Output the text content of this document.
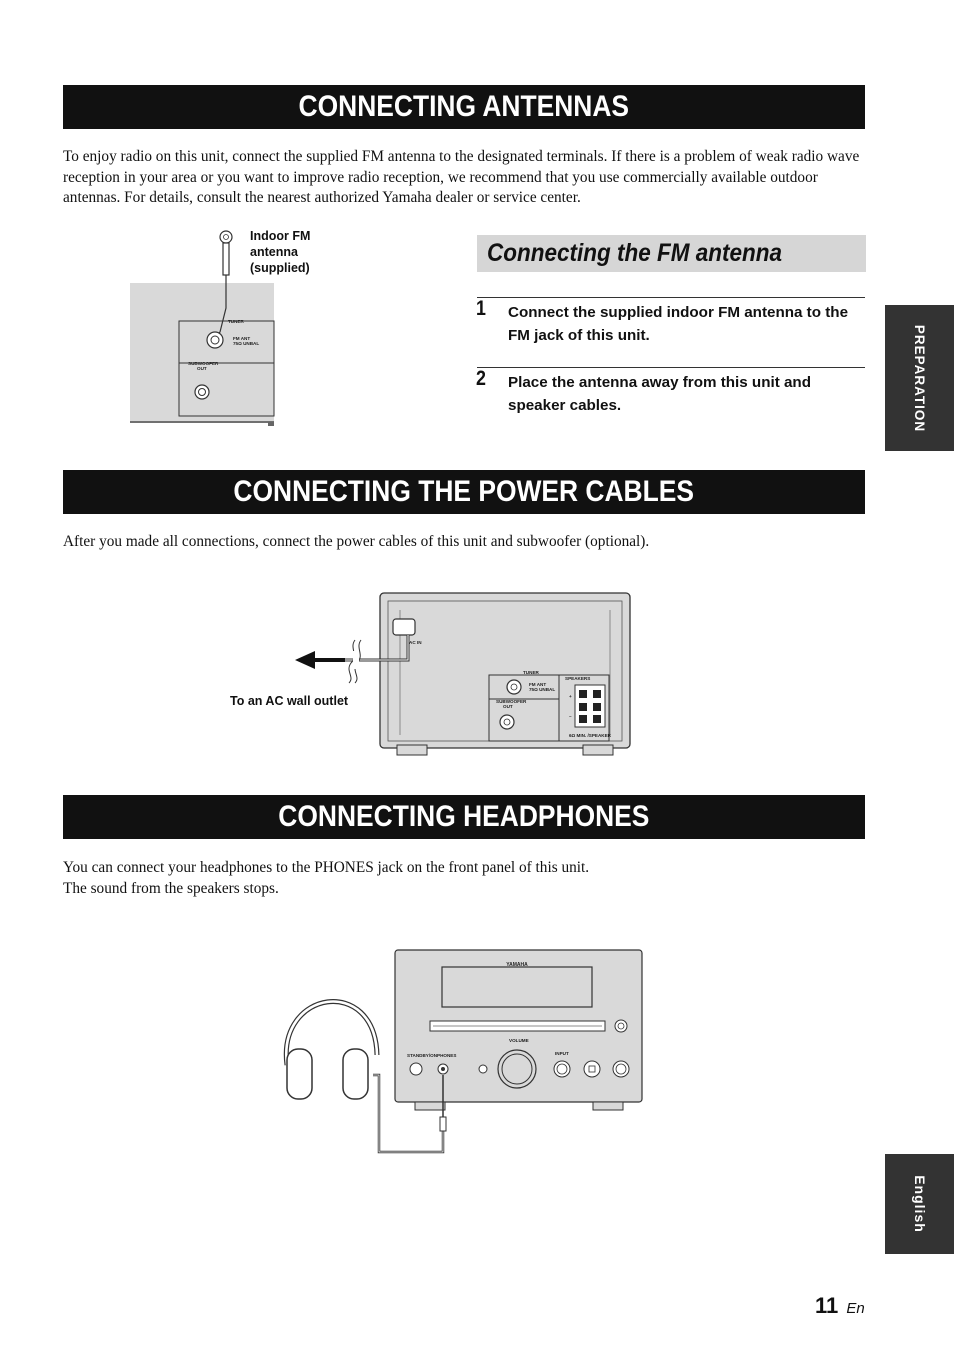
CONNECTING ANTENNAS

To enjoy radio on this unit, connect the supplied FM antenna to the designated terminals. If there is a problem of weak radio wave reception in your area or you want to improve radio reception, we recommend that you use commercially available outdoor antennas. For details, consult the nearest authorized Yamaha dealer or service center.

TUNER
FM ANT
75Ω UNBAL
SUBWOOFER
OUT
Indoor FM antenna (supplied)
Connecting the FM antenna
1 Connect the supplied indoor FM antenna to the FM jack of this unit.

2 Place the antenna away from this unit and speaker cables.

CONNECTING THE POWER CABLES

After you made all connections, connect the power cables of this unit and subwoofer (optional).

AC IN
TUNER
SPEAKERS
FM ANT
75Ω UNBAL
SUBWOOFER
OUT
+
–
6Ω MIN. /SPEAKER
To an AC wall outlet
CONNECTING HEADPHONES

You can connect your headphones to the PHONES jack on the front panel of this unit.

The sound from the speakers stops.

YAMAHA
STANDBY/ON PHONES
VOLUME
INPUT
PREPARATION
English
11 En
